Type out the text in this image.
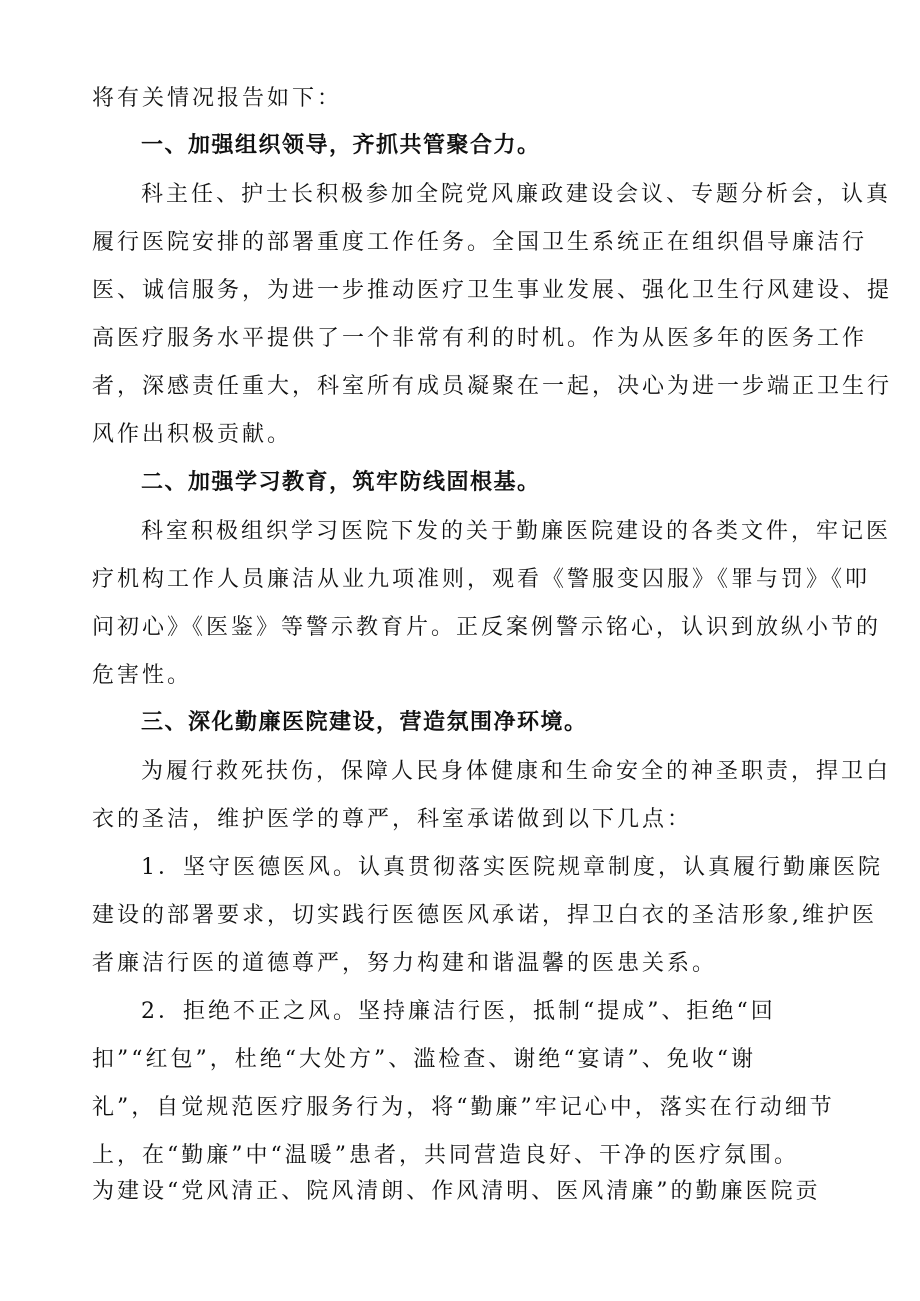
将有关情况报告如下：
一、加强组织领导，齐抓共管聚合力。
科主任、护士长积极参加全院党风廉政建设会议、专题分析会，认真
履行医院安排的部署重度工作任务。全国卫生系统正在组织倡导廉洁行
医、诚信服务，为进一步推动医疗卫生事业发展、强化卫生行风建设、提
高医疗服务水平提供了一个非常有利的时机。作为从医多年的医务工作
者，深感责任重大，科室所有成员凝聚在一起，决心为进一步端正卫生行
风作出积极贡献。
二、加强学习教育，筑牢防线固根基。
科室积极组织学习医院下发的关于勤廉医院建设的各类文件，牢记医
疗机构工作人员廉洁从业九项准则，观看《警服变囚服》《罪与罚》《叩
问初心》《医鉴》等警示教育片。正反案例警示铭心，认识到放纵小节的
危害性。
三、深化勤廉医院建设，营造氛围净环境。
为履行救死扶伤，保障人民身体健康和生命安全的神圣职责，捍卫白
衣的圣洁，维护医学的尊严，科室承诺做到以下几点：
1．坚守医德医风。认真贯彻落实医院规章制度，认真履行勤廉医院
建设的部署要求，切实践行医德医风承诺，捍卫白衣的圣洁形象,维护医
者廉洁行医的道德尊严，努力构建和谐温馨的医患关系。
2．拒绝不正之风。坚持廉洁行医，抵制“提成”、拒绝“回
扣”“红包”，杜绝“大处方”、滥检查、谢绝“宴请”、免收“谢
礼”，自觉规范医疗服务行为，将“勤廉”牢记心中，落实在行动细节
上，在“勤廉”中“温暖”患者，共同营造良好、干净的医疗氛围。
为建设“党风清正、院风清朗、作风清明、医风清廉”的勤廉医院贡
